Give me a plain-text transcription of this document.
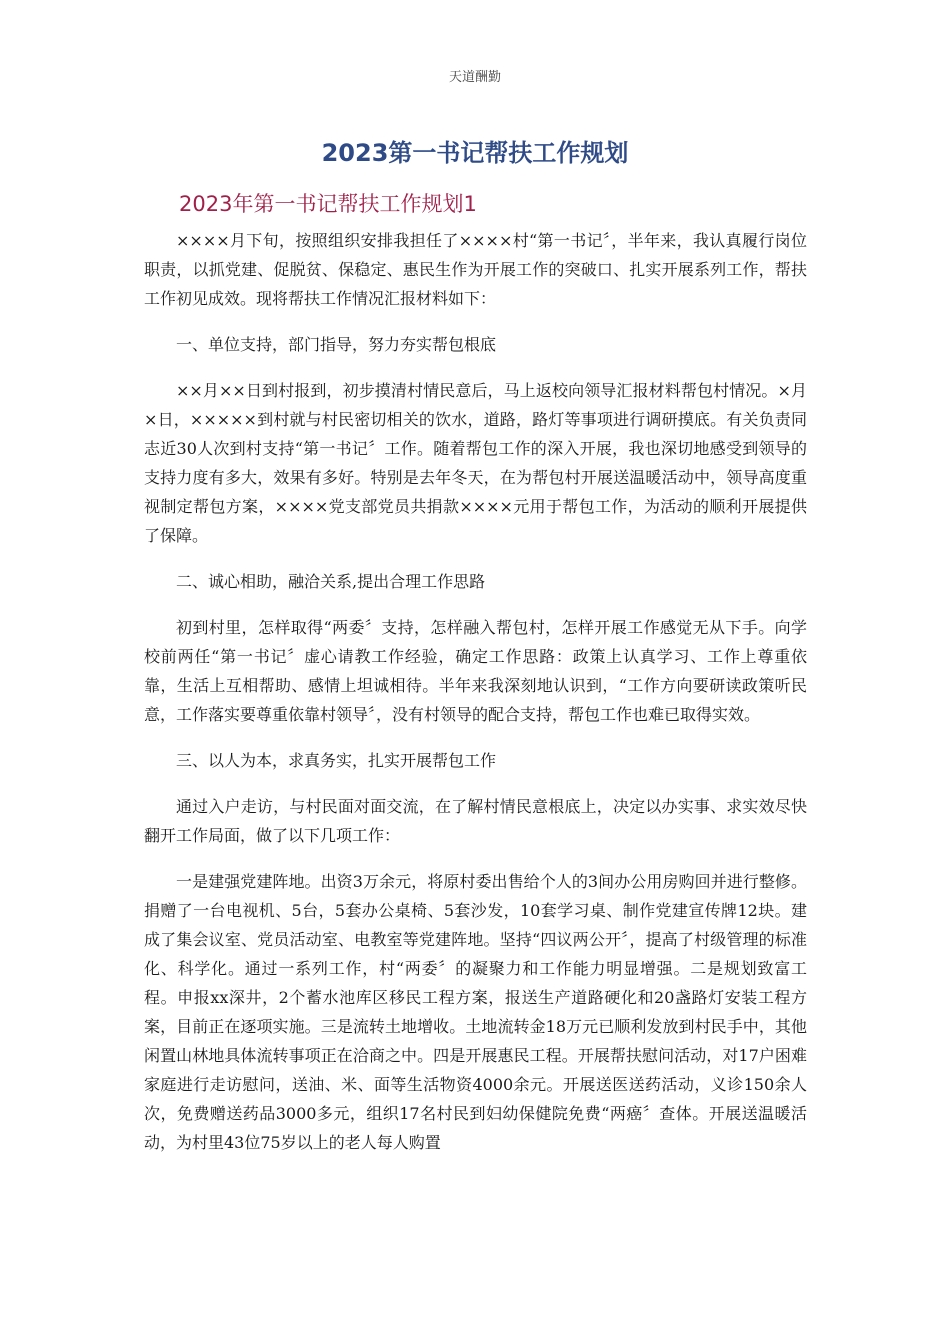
天道酬勤
2023第一书记帮扶工作规划
2023年第一书记帮扶工作规划1

××××月下旬，按照组织安排我担任了××××村“第一书记〞，半年来，我认真履行岗位职责，以抓党建、促脱贫、保稳定、惠民生作为开展工作的突破口、扎实开展系列工作，帮扶工作初见成效。现将帮扶工作情况汇报材料如下：

一、单位支持，部门指导，努力夯实帮包根底

××月××日到村报到，初步摸清村情民意后，马上返校向领导汇报材料帮包村情况。×月×日，×××××到村就与村民密切相关的饮水，道路，路灯等事项进行调研摸底。有关负责同志近30人次到村支持“第一书记〞工作。随着帮包工作的深入开展，我也深切地感受到领导的支持力度有多大，效果有多好。特别是去年冬天，在为帮包村开展送温暖活动中，领导高度重视制定帮包方案，××××党支部党员共捐款××××元用于帮包工作，为活动的顺利开展提供了保障。

二、诚心相助，融洽关系,提出合理工作思路

初到村里，怎样取得“两委〞支持，怎样融入帮包村，怎样开展工作感觉无从下手。向学校前两任“第一书记〞虚心请教工作经验，确定工作思路：政策上认真学习、工作上尊重依靠，生活上互相帮助、感情上坦诚相待。半年来我深刻地认识到，“工作方向要研读政策听民意，工作落实要尊重依靠村领导〞，没有村领导的配合支持，帮包工作也难已取得实效。

三、以人为本，求真务实，扎实开展帮包工作

通过入户走访，与村民面对面交流，在了解村情民意根底上，决定以办实事、求实效尽快翻开工作局面，做了以下几项工作：

一是建强党建阵地。出资3万余元，将原村委出售给个人的3间办公用房购回并进行整修。捐赠了一台电视机、5台，5套办公桌椅、5套沙发，10套学习桌、制作党建宣传牌12块。建成了集会议室、党员活动室、电教室等党建阵地。坚持“四议两公开〞，提高了村级管理的标准化、科学化。通过一系列工作，村“两委〞的凝聚力和工作能力明显增强。二是规划致富工程。申报xx深井，2个蓄水池库区移民工程方案，报送生产道路硬化和20盏路灯安装工程方案，目前正在逐项实施。三是流转土地增收。土地流转金18万元已顺利发放到村民手中，其他闲置山林地具体流转事项正在洽商之中。四是开展惠民工程。开展帮扶慰问活动，对17户困难家庭进行走访慰问，送油、米、面等生活物资4000余元。开展送医送药活动，义诊150余人次，免费赠送药品3000多元，组织17名村民到妇幼保健院免费“两癌〞查体。开展送温暖活动，为村里43位75岁以上的老人每人购置
